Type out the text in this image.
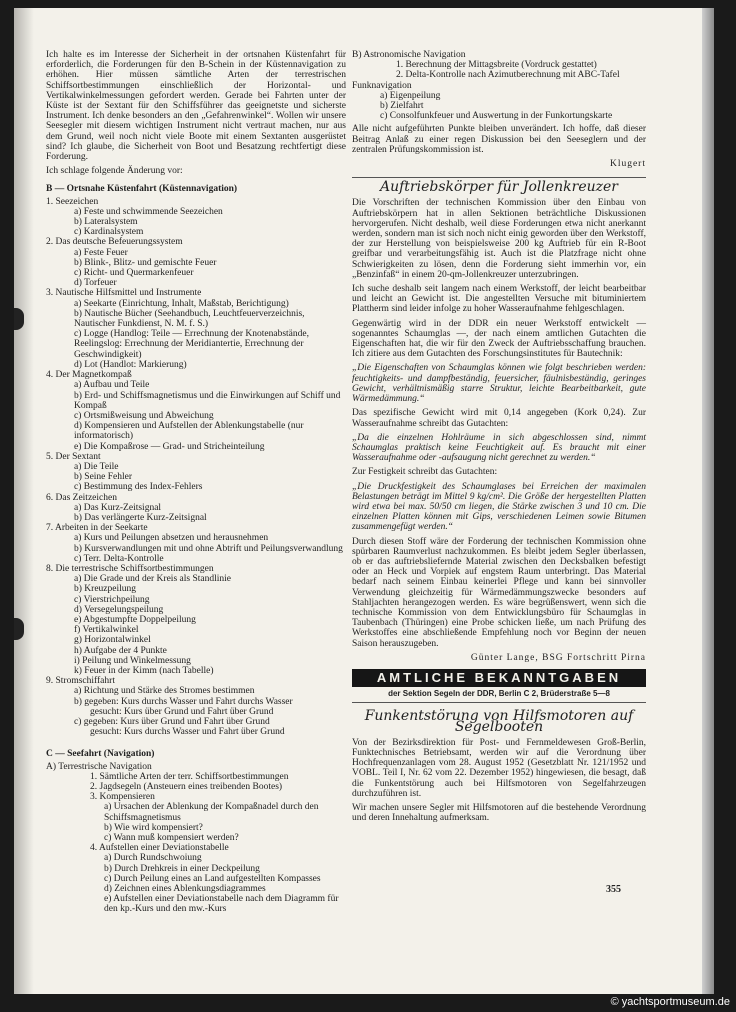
Ich halte es im Interesse der Sicherheit in der ortsnahen Küstenfahrt für erforderlich, die Forderungen für den B-Schein in der Küstennavigation zu erhöhen. Hier müssen sämtliche Arten der terrestrischen Schiffsortbestimmungen einschließlich der Horizontal- und Vertikalwinkelmessungen gefordert werden. Gerade bei Fahrten unter der Küste ist der Sextant für den Schiffsführer das geeignetste und sicherste Instrument. Ich denke besonders an den „Gefahrenwinkel“. Wollen wir unsere Seesegler mit diesem wichtigen Instrument nicht vertraut machen, nur aus dem Grund, weil noch nicht viele Boote mit einem Sextanten ausgerüstet sind? Ich glaube, die Sicherheit von Boot und Besatzung rechtfertigt diese Forderung.

Ich schlage folgende Änderung vor:

B — Ortsnahe Küstenfahrt (Küstennavigation)
1. Seezeichen
a) Feste und schwimmende Seezeichen
b) Lateralsystem
c) Kardinalsystem
2. Das deutsche Befeuerungssystem
a) Feste Feuer
b) Blink-, Blitz- und gemischte Feuer
c) Richt- und Quermarkenfeuer
d) Torfeuer
3. Nautische Hilfsmittel und Instrumente
a) Seekarte (Einrichtung, Inhalt, Maßstab, Berichtigung)
b) Nautische Bücher (Seehandbuch, Leuchtfeuerverzeichnis, Nautischer Funkdienst, N. M. f. S.)
c) Logge (Handlog: Teile — Errechnung der Knotenabstände, Reelingslog: Errechnung der Meridiantertie, Errechnung der Geschwindigkeit)
d) Lot (Handlot: Markierung)
4. Der Magnetkompaß
a) Aufbau und Teile
b) Erd- und Schiffsmagnetismus und die Einwirkungen auf Schiff und Kompaß
c) Ortsmißweisung und Abweichung
d) Kompensieren und Aufstellen der Ablenkungstabelle (nur informatorisch)
e) Die Kompaßrose — Grad- und Stricheinteilung
5. Der Sextant
a) Die Teile
b) Seine Fehler
c) Bestimmung des Index-Fehlers
6. Das Zeitzeichen
a) Das Kurz-Zeitsignal
b) Das verlängerte Kurz-Zeitsignal
7. Arbeiten in der Seekarte
a) Kurs und Peilungen absetzen und herausnehmen
b) Kursverwandlungen mit und ohne Abtrift und Peilungsverwandlung
c) Terr. Delta-Kontrolle
8. Die terrestrische Schiffsortbestimmungen
a) Die Grade und der Kreis als Standlinie
b) Kreuzpeilung
c) Vierstrichpeilung
d) Versegelungspeilung
e) Abgestumpfte Doppelpeilung
f) Vertikalwinkel
g) Horizontalwinkel
h) Aufgabe der 4 Punkte
i) Peilung und Winkelmessung
k) Feuer in der Kimm (nach Tabelle)
9. Stromschiffahrt
a) Richtung und Stärke des Stromes bestimmen
b) gegeben: Kurs durchs Wasser und Fahrt durchs Wasser
gesucht: Kurs über Grund und Fahrt über Grund
c) gegeben: Kurs über Grund und Fahrt über Grund
gesucht: Kurs durchs Wasser und Fahrt über Grund
C — Seefahrt (Navigation)
A) Terrestrische Navigation
1. Sämtliche Arten der terr. Schiffsortbestimmungen
2. Jagdsegeln (Ansteuern eines treibenden Bootes)
3. Kompensieren
a) Ursachen der Ablenkung der Kompaßnadel durch den Schiffsmagnetismus
b) Wie wird kompensiert?
c) Wann muß kompensiert werden?
4. Aufstellen einer Deviationstabelle
a) Durch Rundschwoiung
b) Durch Drehkreis in einer Deckpeilung
c) Durch Peilung eines an Land aufgestellten Kompasses
d) Zeichnen eines Ablenkungsdiagrammes
e) Aufstellen einer Deviationstabelle nach dem Diagramm für den kp.-Kurs und den mw.-Kurs
B) Astronomische Navigation
1. Berechnung der Mittagsbreite (Vordruck gestattet)
2. Delta-Kontrolle nach Azimutberechnung mit ABC-Tafel
Funknavigation
a) Eigenpeilung
b) Zielfahrt
c) Consolfunkfeuer und Auswertung in der Funkortungskarte

Alle nicht aufgeführten Punkte bleiben unverändert. Ich hoffe, daß dieser Beitrag Anlaß zu einer regen Diskussion bei den Seeseglern und der zentralen Prüfungskommission ist.

Klugert
Auftriebskörper für Jollenkreuzer

Die Vorschriften der technischen Kommission über den Einbau von Auftriebskörpern hat in allen Sektionen beträchtliche Diskussionen hervorgerufen. Nicht deshalb, weil diese Forderungen etwa nicht anerkannt werden, sondern man ist sich noch nicht einig geworden über den Werkstoff, der zur Herstellung von beispielsweise 200 kg Auftrieb für ein R-Boot greifbar und verarbeitungsfähig ist. Auch ist die Platzfrage nicht ohne Schwierigkeiten zu lösen, denn die Forderung sieht immerhin vor, ein „Benzinfaß“ in einem 20-qm-Jollenkreuzer unterzubringen.

Ich suche deshalb seit langem nach einem Werkstoff, der leicht bearbeitbar und leicht an Gewicht ist. Die angestellten Versuche mit bituminiertem Plattherm sind leider infolge zu hoher Wasseraufnahme fehlgeschlagen.

Gegenwärtig wird in der DDR ein neuer Werkstoff entwickelt — sogenanntes Schaumglas —, der nach einem amtlichen Gutachten die Eigenschaften hat, die wir für den Zweck der Auftriebsschaffung brauchen. Ich zitiere aus dem Gutachten des Forschungsinstitutes für Bautechnik:

„Die Eigenschaften von Schaumglas können wie folgt beschrieben werden: feuchtigkeits- und dampfbeständig, feuersicher, fäulnisbeständig, geringes Gewicht, verhältnismäßig starre Struktur, leichte Bearbeitbarkeit, gute Wärmedämmung.“

Das spezifische Gewicht wird mit 0,14 angegeben (Kork 0,24). Zur Wasseraufnahme schreibt das Gutachten:

„Da die einzelnen Hohlräume in sich abgeschlossen sind, nimmt Schaumglas praktisch keine Feuchtigkeit auf. Es braucht mit einer Wasseraufnahme oder -aufsaugung nicht gerechnet zu werden.“

Zur Festigkeit schreibt das Gutachten:

„Die Druckfestigkeit des Schaumglases bei Erreichen der maximalen Belastungen beträgt im Mittel 9 kg/cm². Die Größe der hergestellten Platten wird etwa bei max. 50/50 cm liegen, die Stärke zwischen 3 und 10 cm. Die einzelnen Platten können mit Gips, verschiedenen Leimen sowie Bitumen zusammengefügt werden.“

Durch diesen Stoff wäre der Forderung der technischen Kommission ohne spürbaren Raumverlust nachzukommen. Es bleibt jedem Segler überlassen, ob er das auftriebsliefernde Material zwischen den Decksbalken befestigt oder an Heck und Vorpiek auf engstem Raum unterbringt. Das Material bedarf nach seinem Einbau keinerlei Pflege und kann bei sinnvoller Verwendung gleichzeitig für Wärmedämmungszwecke besonders auf Stahljachten herangezogen werden. Es wäre begrüßenswert, wenn sich die technische Kommission von dem Entwicklungsbüro für Schaumglas in Taubenbach (Thüringen) eine Probe schicken ließe, um nach Prüfung des Werkstoffes eine abschließende Empfehlung noch vor Beginn der neuen Saison herauszugeben.

Günter Lange, BSG Fortschritt Pirna
AMTLICHE BEKANNTGABEN
der Sektion Segeln der DDR, Berlin C 2, Brüderstraße 5—8
Funkentstörung von Hilfsmotoren auf Segelbooten

Von der Bezirksdirektion für Post- und Fernmeldewesen Groß-Berlin, Funktechnisches Betriebsamt, werden wir auf die Verordnung über Hochfrequenzanlagen vom 28. August 1952 (Gesetzblatt Nr. 121/1952 und VOBL. Teil I, Nr. 62 vom 22. Dezember 1952) hingewiesen, die besagt, daß die Funkentstörung auch bei Hilfsmotoren von Segelfahrzeugen durchzuführen ist.

Wir machen unsere Segler mit Hilfsmotoren auf die bestehende Verordnung und deren Innehaltung aufmerksam.

355
© yachtsportmuseum.de
